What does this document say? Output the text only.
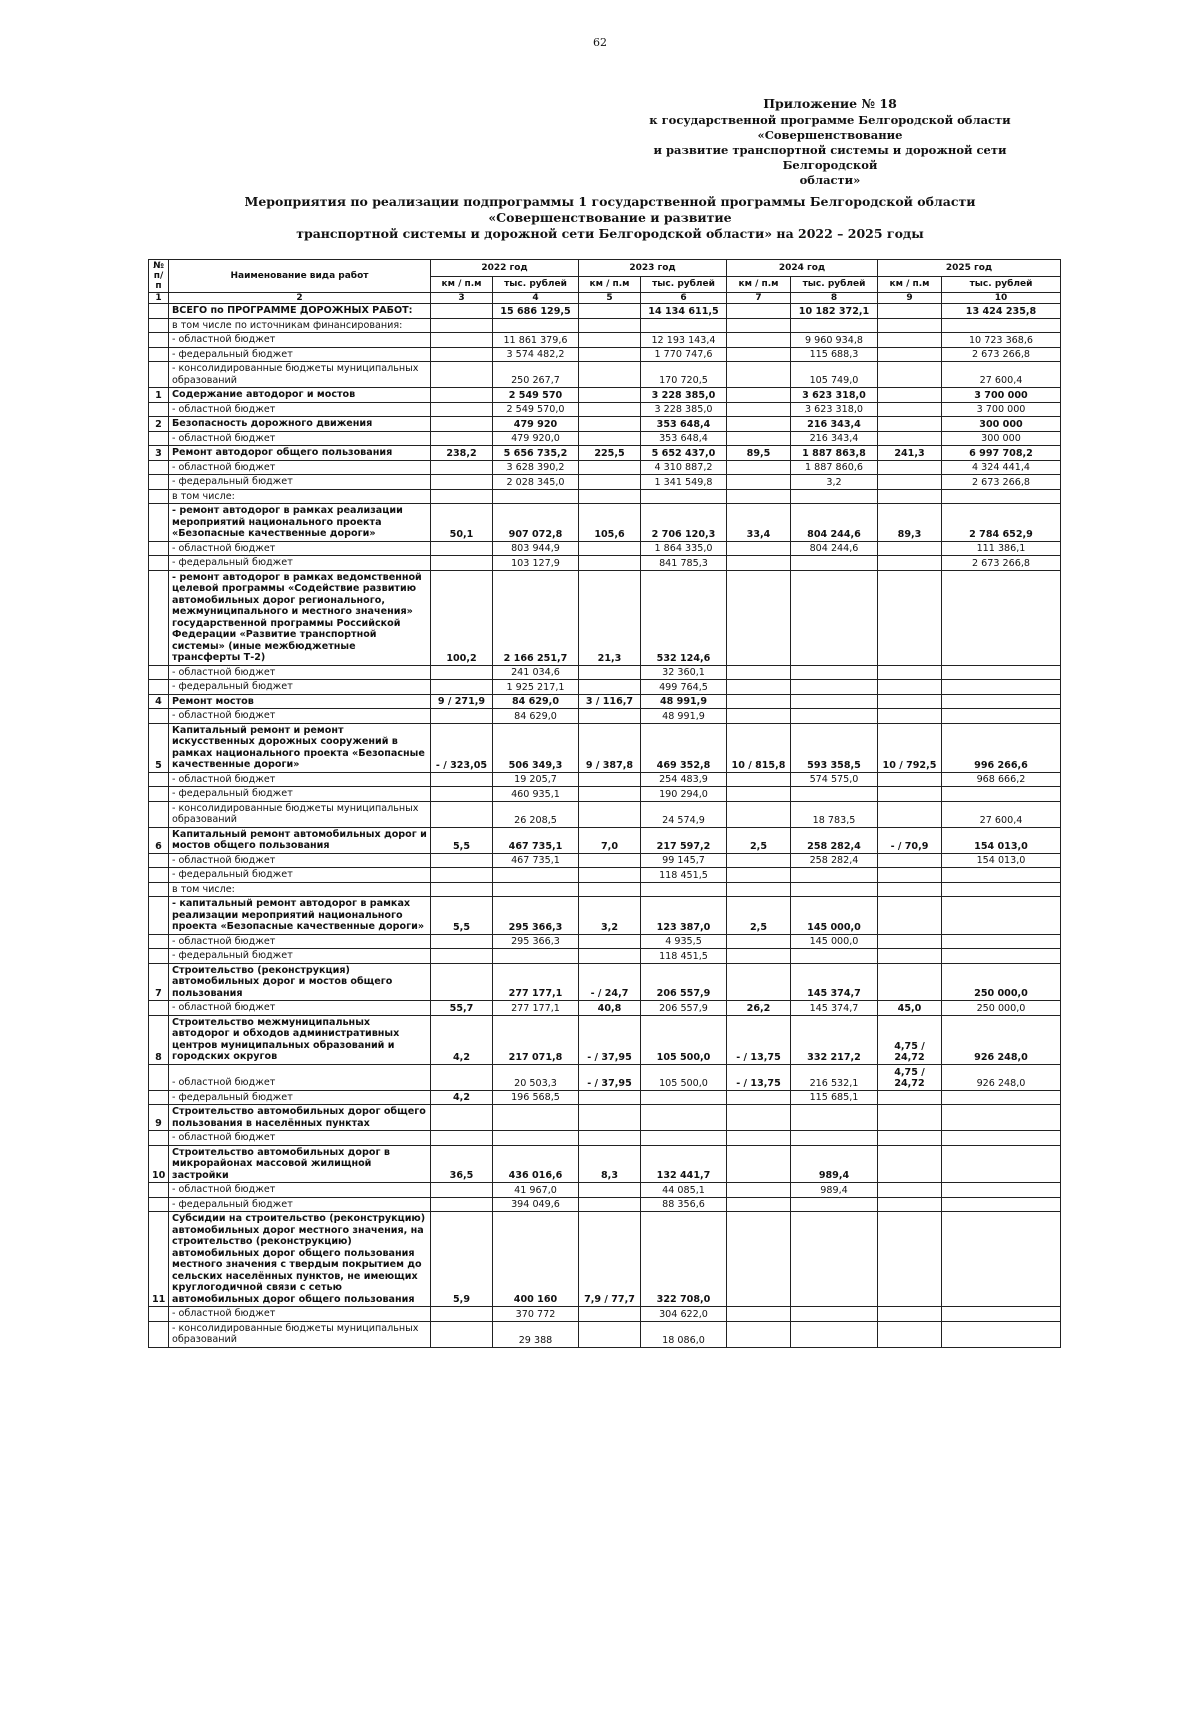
62
Приложение № 18
к государственной программе Белгородской области «Совершенствование
и развитие транспортной системы и дорожной сети Белгородской
области»
Мероприятия по реализации подпрограммы 1 государственной программы Белгородской области «Совершенствование и развитие
транспортной системы и дорожной сети Белгородской области» на 2022 – 2025 годы
№ п/п	Наименование вида работ	2022 год		2023 год		2024 год		2025 год	
		км / п.м	тыс. рублей	км / п.м	тыс. рублей	км / п.м	тыс. рублей	км / п.м	тыс. рублей
1	2	3	4	5	6	7	8	9	10
	ВСЕГО по ПРОГРАММЕ ДОРОЖНЫХ РАБОТ:		15 686 129,5		14 134 611,5		10 182 372,1		13 424 235,8
	в том числе по источникам финансирования:								
	- областной бюджет		11 861 379,6		12 193 143,4		9 960 934,8		10 723 368,6
	- федеральный бюджет		3 574 482,2		1 770 747,6		115 688,3		2 673 266,8
	- консолидированные бюджеты муниципальных образований		250 267,7		170 720,5		105 749,0		27 600,4
1	Содержание автодорог и мостов		2 549 570		3 228 385,0		3 623 318,0		3 700 000
	- областной бюджет		2 549 570,0		3 228 385,0		3 623 318,0		3 700 000
2	Безопасность дорожного движения		479 920		353 648,4		216 343,4		300 000
	- областной бюджет		479 920,0		353 648,4		216 343,4		300 000
3	Ремонт автодорог общего пользования	238,2	5 656 735,2	225,5	5 652 437,0	89,5	1 887 863,8	241,3	6 997 708,2
	- областной бюджет		3 628 390,2		4 310 887,2		1 887 860,6		4 324 441,4
	- федеральный бюджет		2 028 345,0		1 341 549,8		3,2		2 673 266,8
	в том числе:								
	- ремонт автодорог в рамках реализации мероприятий национального проекта «Безопасные качественные дороги»	50,1	907 072,8	105,6	2 706 120,3	33,4	804 244,6	89,3	2 784 652,9
	- областной бюджет		803 944,9		1 864 335,0		804 244,6		111 386,1
	- федеральный бюджет		103 127,9		841 785,3				2 673 266,8
	- ремонт автодорог в рамках ведомственной целевой программы «Содействие развитию автомобильных дорог регионального, межмуниципального и местного значения» государственной программы Российской Федерации «Развитие транспортной системы» (иные межбюджетные трансферты Т-2)	100,2	2 166 251,7	21,3	532 124,6				
	- областной бюджет		241 034,6		32 360,1				
	- федеральный бюджет		1 925 217,1		499 764,5				
4	Ремонт мостов	9 / 271,9	84 629,0	3 / 116,7	48 991,9				
	- областной бюджет		84 629,0		48 991,9				
5	Капитальный ремонт и ремонт искусственных дорожных сооружений в рамках национального проекта «Безопасные качественные дороги»	- / 323,05	506 349,3	9 / 387,8	469 352,8	10 / 815,8	593 358,5	10 / 792,5	996 266,6
	- областной бюджет		19 205,7		254 483,9		574 575,0		968 666,2
	- федеральный бюджет		460 935,1		190 294,0				
	- консолидированные бюджеты муниципальных образований		26 208,5		24 574,9		18 783,5		27 600,4
6	Капитальный ремонт автомобильных дорог и мостов общего пользования	5,5	467 735,1	7,0	217 597,2	2,5	258 282,4	- / 70,9	154 013,0
	- областной бюджет		467 735,1		99 145,7		258 282,4		154 013,0
	- федеральный бюджет				118 451,5				
	в том числе:								
	- капитальный ремонт автодорог в рамках реализации мероприятий национального проекта «Безопасные качественные дороги»	5,5	295 366,3	3,2	123 387,0	2,5	145 000,0		
	- областной бюджет		295 366,3		4 935,5		145 000,0		
	- федеральный бюджет				118 451,5				
7	Строительство (реконструкция) автомобильных дорог и мостов общего пользования		277 177,1	- / 24,7	206 557,9		145 374,7		250 000,0
	- областной бюджет	55,7	277 177,1	40,8	206 557,9	26,2	145 374,7	45,0	250 000,0
8	Строительство межмуниципальных автодорог и обходов административных центров муниципальных образований и городских округов	4,2	217 071,8	- / 37,95	105 500,0	- / 13,75	332 217,2	4,75 / 24,72	926 248,0
	- областной бюджет		20 503,3	- / 37,95	105 500,0	- / 13,75	216 532,1	4,75 / 24,72	926 248,0
	- федеральный бюджет	4,2	196 568,5				115 685,1		
9	Строительство автомобильных дорог общего пользования в населённых пунктах								
	- областной бюджет								
10	Строительство автомобильных дорог в микрорайонах массовой жилищной застройки	36,5	436 016,6	8,3	132 441,7		989,4		
	- областной бюджет		41 967,0		44 085,1		989,4		
	- федеральный бюджет		394 049,6		88 356,6				
11	Субсидии на строительство (реконструкцию) автомобильных дорог местного значения, на строительство (реконструкцию) автомобильных дорог общего пользования местного значения с твердым покрытием до сельских населённых пунктов, не имеющих круглогодичной связи с сетью автомобильных дорог общего пользования	5,9	400 160	7,9 / 77,7	322 708,0				
	- областной бюджет		370 772		304 622,0				
	- консолидированные бюджеты муниципальных образований		29 388		18 086,0				
